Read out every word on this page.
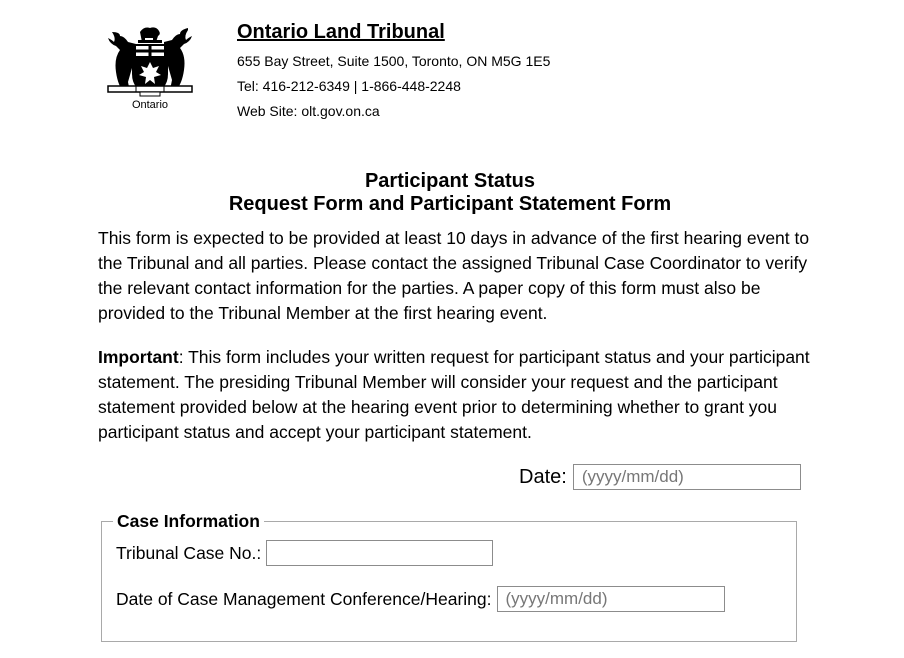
Ontario
Ontario Land Tribunal
655 Bay Street, Suite 1500, Toronto, ON M5G 1E5
Tel: 416-212-6349 | 1-866-448-2248
Web Site: olt.gov.on.ca
Participant Status
Request Form and Participant Statement Form

This form is expected to be provided at least 10 days in advance of the first hearing event to the Tribunal and all parties. Please contact the assigned Tribunal Case Coordinator to verify the relevant contact information for the parties. A paper copy of this form must also be provided to the Tribunal Member at the first hearing event.

Important: This form includes your written request for participant status and your participant statement. The presiding Tribunal Member will consider your request and the participant statement provided below at the hearing event prior to determining whether to grant you participant status and accept your participant statement.

Date:
(yyyy/mm/dd)
Case Information
Tribunal Case No.:
Date of Case Management Conference/Hearing:
(yyyy/mm/dd)
